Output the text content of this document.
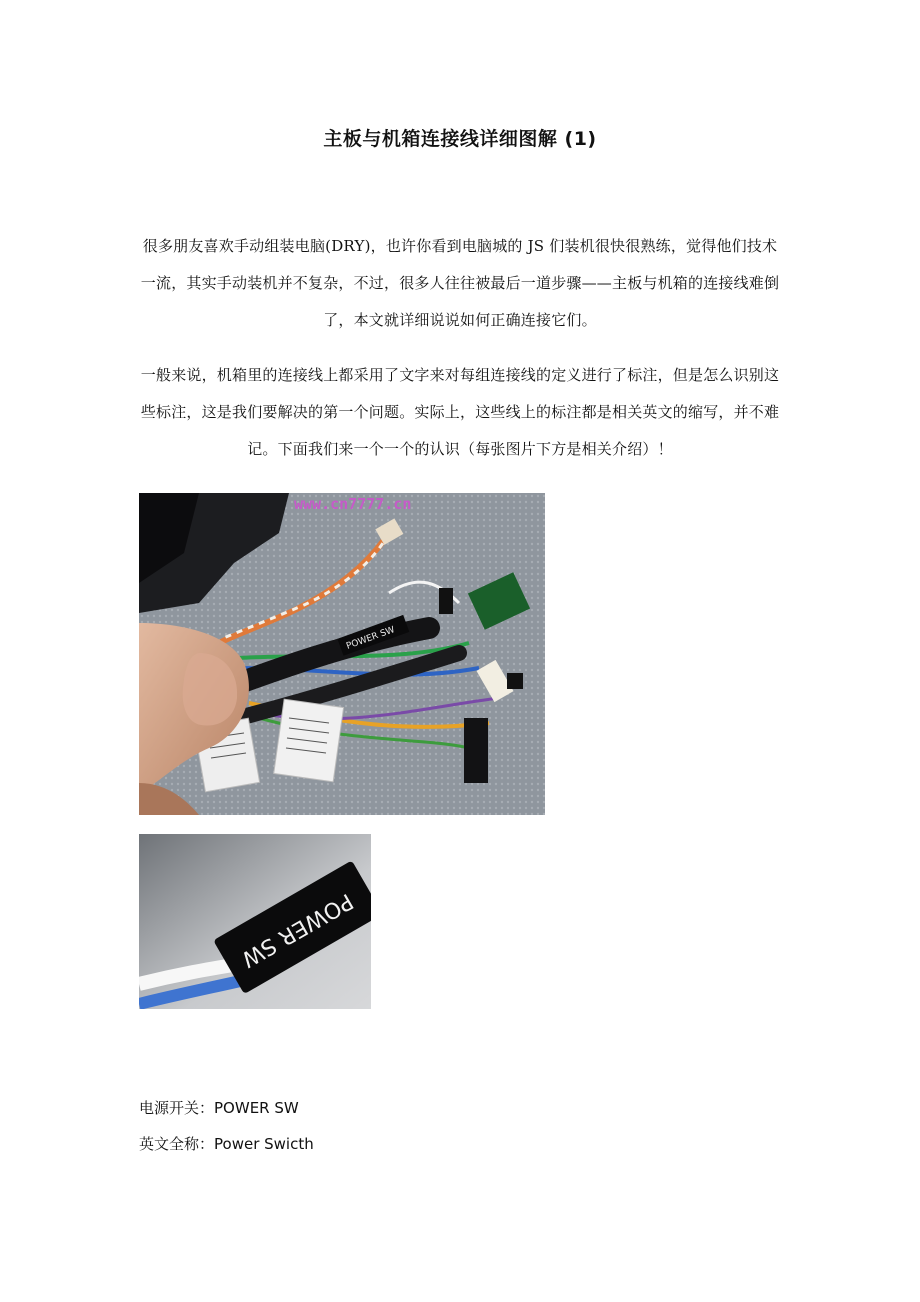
主板与机箱连接线详细图解 (1)
很多朋友喜欢手动组装电脑(DRY)，也许你看到电脑城的 JS 们装机很快很熟练，觉得他们技术一流，其实手动装机并不复杂，不过，很多人往往被最后一道步骤——主板与机箱的连接线难倒了，本文就详细说说如何正确连接它们。
一般来说，机箱里的连接线上都采用了文字来对每组连接线的定义进行了标注，但是怎么识别这些标注，这是我们要解决的第一个问题。实际上，这些线上的标注都是相关英文的缩写，并不难记。下面我们来一个一个的认识（每张图片下方是相关介绍）！
www.cn7777.cn
POWER SW
POWER SW
电源开关：POWER SW
英文全称：Power Swicth
